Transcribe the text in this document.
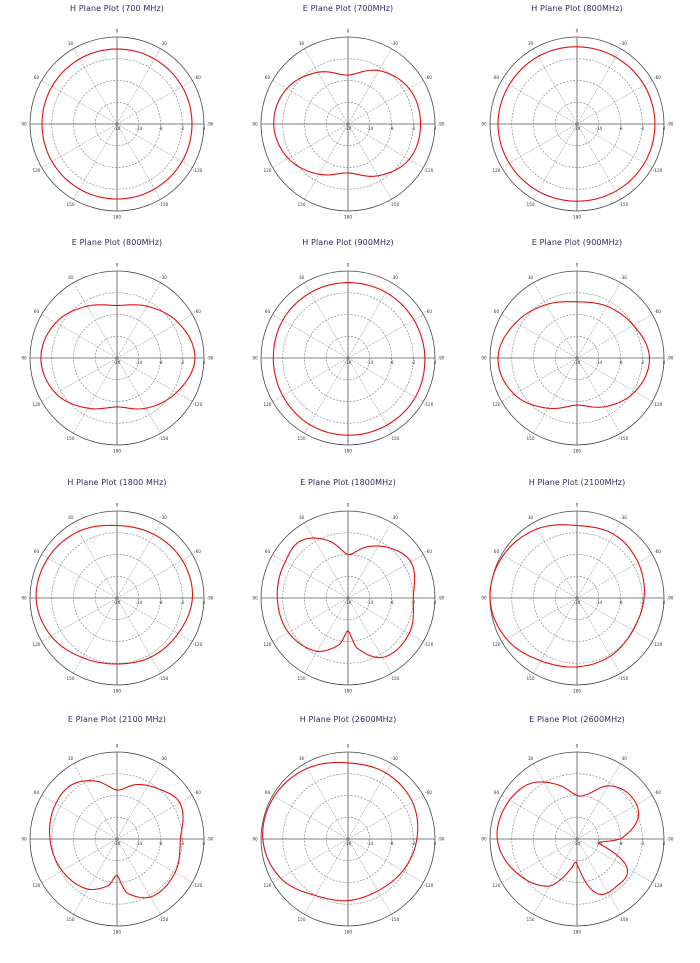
H Plane Plot (700 MHz)
0
30
60
90
120
150
180
-150
-120
-90
-60
-30
-20	-14	-8	-2	4
E Plane Plot (700MHz)
0
30
60
90
120
150
180
-150
-120
-90
-60
-30
-20	-14	-8	-2	4
H Plane Plot (800MHz)
0
30
60
90
120
150
180
-150
-120
-90
-60
-30
-20	-14	-8	-2	4
E Plane Plot (800MHz)
0
30
60
90
120
150
180
-150
-120
-90
-60
-30
-20	-14	-8	-2	4
H Plane Plot (900MHz)
0
30
60
90
120
150
180
-150
-120
-90
-60
-30
-20	-14	-8	-2	4
E Plane Plot (900MHz)
0
30
60
90
120
150
180
-150
-120
-90
-60
-30
-20	-14	-8	-2	4
H Plane Plot (1800 MHz)
0
30
60
90
120
150
180
-150
-120
-90
-60
-30
-20	-14	-8	-2	4
E Plane Plot (1800MHz)
0
30
60
90
120
150
180
-150
-120
-90
-60
-30
-20	-14	-8	-2	4
H Plane Plot (2100MHz)
0
30
60
90
120
150
180
-150
-120
-90
-60
-30
-20	-14	-8	-2	4
E Plane Plot (2100 MHz)
0
30
60
90
120
150
180
-150
-120
-90
-60
-30
-20	-14	-8	-2	4
H Plane Plot (2600MHz)
0
30
60
90
120
150
180
-150
-120
-90
-60
-30
-20	-14	-8	-2	4
E Plane Plot (2600MHz)
0
30
60
90
120
150
180
-150
-120
-90
-60
-30
-20	-14	-8	-2	4
